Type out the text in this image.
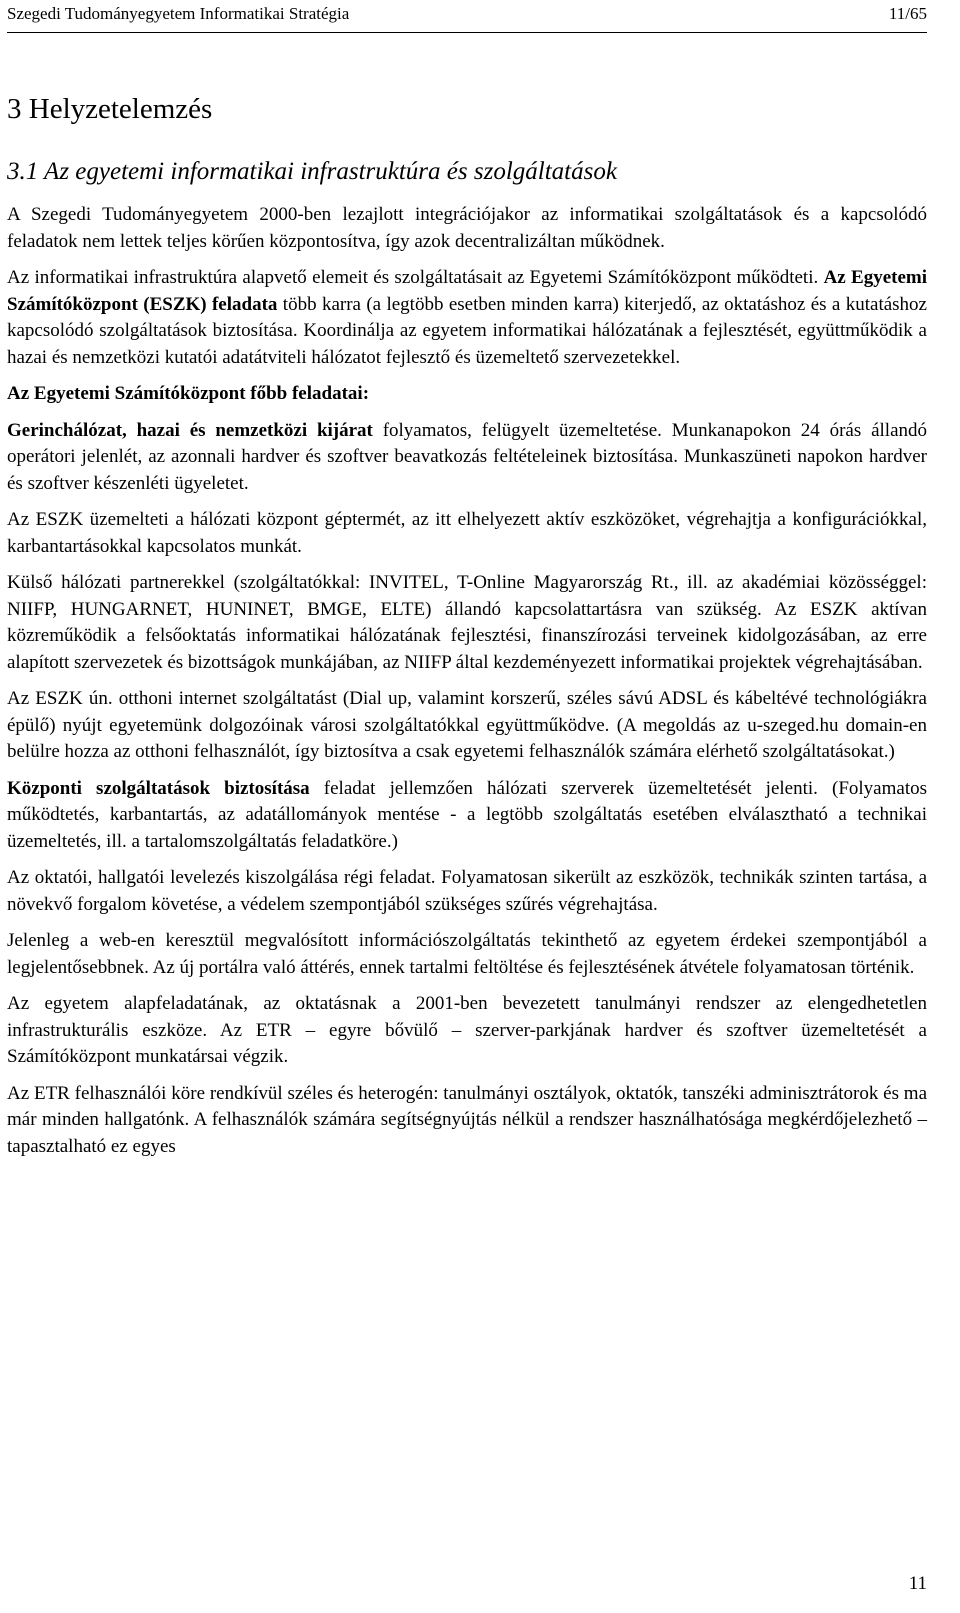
Szegedi Tudományegyetem Informatikai Stratégia	11/65
3 Helyzetelemzés
3.1 Az egyetemi informatikai infrastruktúra és szolgáltatások

A Szegedi Tudományegyetem 2000-ben lezajlott integrációjakor az informatikai szolgáltatások és a kapcsolódó feladatok nem lettek teljes körűen központosítva, így azok decentralizáltan működnek.

Az informatikai infrastruktúra alapvető elemeit és szolgáltatásait az Egyetemi Számítóközpont működteti. Az Egyetemi Számítóközpont (ESZK) feladata több karra (a legtöbb esetben minden karra) kiterjedő, az oktatáshoz és a kutatáshoz kapcsolódó szolgáltatások biztosítása. Koordinálja az egyetem informatikai hálózatának a fejlesztését, együttműködik a hazai és nemzetközi kutatói adatátviteli hálózatot fejlesztő és üzemeltető szervezetekkel.

Az Egyetemi Számítóközpont főbb feladatai:

Gerinchálózat, hazai és nemzetközi kijárat folyamatos, felügyelt üzemeltetése. Munkanapokon 24 órás állandó operátori jelenlét, az azonnali hardver és szoftver beavatkozás feltételeinek biztosítása. Munkaszüneti napokon hardver és szoftver készenléti ügyeletet.

Az ESZK üzemelteti a hálózati központ géptermét, az itt elhelyezett aktív eszközöket, végrehajtja a konfigurációkkal, karbantartásokkal kapcsolatos munkát.

Külső hálózati partnerekkel (szolgáltatókkal: INVITEL, T-Online Magyarország Rt., ill. az akadémiai közösséggel: NIIFP, HUNGARNET, HUNINET, BMGE, ELTE) állandó kapcsolattartásra van szükség. Az ESZK aktívan közreműködik a felsőoktatás informatikai hálózatának fejlesztési, finanszírozási terveinek kidolgozásában, az erre alapított szervezetek és bizottságok munkájában, az NIIFP által kezdeményezett informatikai projektek végrehajtásában.

Az ESZK ún. otthoni internet szolgáltatást (Dial up, valamint korszerű, széles sávú ADSL és kábeltévé technológiákra épülő) nyújt egyetemünk dolgozóinak városi szolgáltatókkal együttműködve. (A megoldás az u-szeged.hu domain-en belülre hozza az otthoni felhasználót, így biztosítva a csak egyetemi felhasználók számára elérhető szolgáltatásokat.)

Központi szolgáltatások biztosítása feladat jellemzően hálózati szerverek üzemeltetését jelenti. (Folyamatos működtetés, karbantartás, az adatállományok mentése - a legtöbb szolgáltatás esetében elválasztható a technikai üzemeltetés, ill. a tartalomszolgáltatás feladatköre.)

Az oktatói, hallgatói levelezés kiszolgálása régi feladat. Folyamatosan sikerült az eszközök, technikák szinten tartása, a növekvő forgalom követése, a védelem szempontjából szükséges szűrés végrehajtása.

Jelenleg a web-en keresztül megvalósított információszolgáltatás tekinthető az egyetem érdekei szempontjából a legjelentősebbnek. Az új portálra való áttérés, ennek tartalmi feltöltése és fejlesztésének átvétele folyamatosan történik.

Az egyetem alapfeladatának, az oktatásnak a 2001-ben bevezetett tanulmányi rendszer az elengedhetetlen infrastrukturális eszköze. Az ETR – egyre bővülő – szerver-parkjának hardver és szoftver üzemeltetését a Számítóközpont munkatársai végzik.

Az ETR felhasználói köre rendkívül széles és heterogén: tanulmányi osztályok, oktatók, tanszéki adminisztrátorok és ma már minden hallgatónk. A felhasználók számára segítségnyújtás nélkül a rendszer használhatósága megkérdőjelezhető – tapasztalható ez egyes

11
